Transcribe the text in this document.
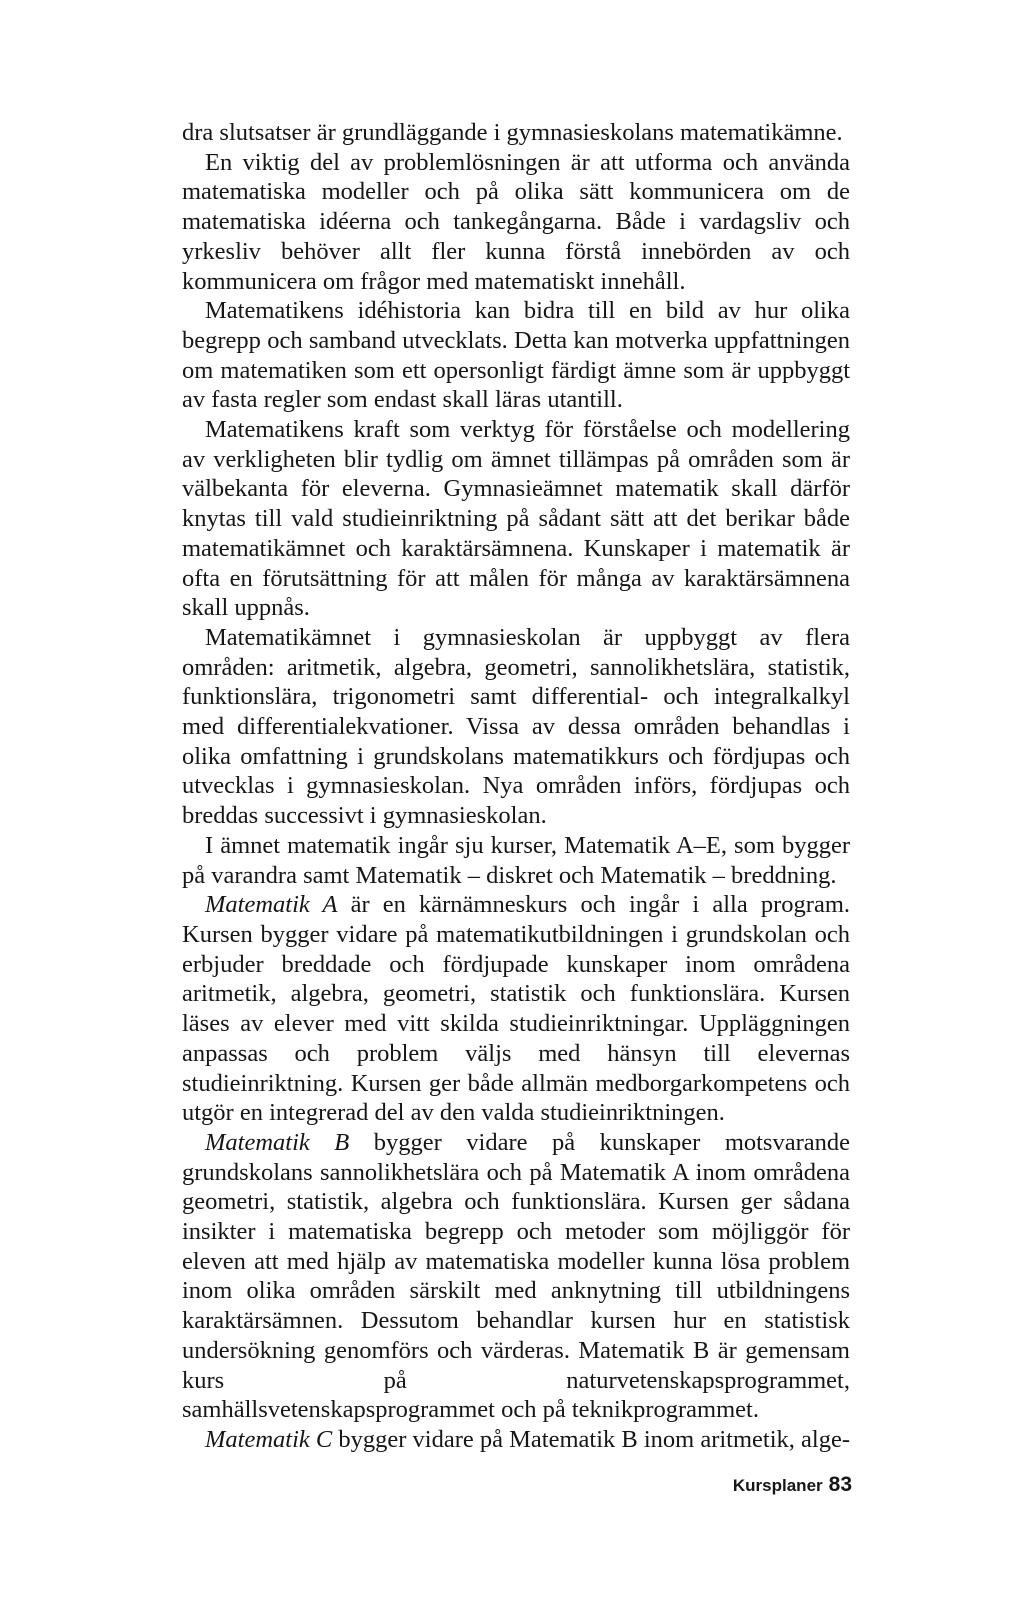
dra slutsatser är grundläggande i gymnasieskolans matematikämne.

En viktig del av problemlösningen är att utforma och använda matematiska modeller och på olika sätt kommunicera om de matematiska idéerna och tankegångarna. Både i vardagsliv och yrkesliv behöver allt fler kunna förstå innebörden av och kommunicera om frågor med matematiskt innehåll.

Matematikens idéhistoria kan bidra till en bild av hur olika begrepp och samband utvecklats. Detta kan motverka uppfattningen om matematiken som ett opersonligt färdigt ämne som är uppbyggt av fasta regler som endast skall läras utantill.

Matematikens kraft som verktyg för förståelse och modellering av verkligheten blir tydlig om ämnet tillämpas på områden som är välbekanta för eleverna. Gymnasieämnet matematik skall därför knytas till vald studieinriktning på sådant sätt att det berikar både matematikämnet och karaktärsämnena. Kunskaper i matematik är ofta en förutsättning för att målen för många av karaktärsämnena skall uppnås.

Matematikämnet i gymnasieskolan är uppbyggt av flera områden: aritmetik, algebra, geometri, sannolikhetslära, statistik, funktionslära, trigonometri samt differential- och integralkalkyl med differentialekvationer. Vissa av dessa områden behandlas i olika omfattning i grundskolans matematikkurs och fördjupas och utvecklas i gymnasieskolan. Nya områden införs, fördjupas och breddas successivt i gymnasieskolan.

I ämnet matematik ingår sju kurser, Matematik A–E, som bygger på varandra samt Matematik – diskret och Matematik – breddning.

Matematik A är en kärnämneskurs och ingår i alla program. Kursen bygger vidare på matematikutbildningen i grundskolan och erbjuder breddade och fördjupade kunskaper inom områdena aritmetik, algebra, geometri, statistik och funktionslära. Kursen läses av elever med vitt skilda studieinriktningar. Uppläggningen anpassas och problem väljs med hänsyn till elevernas studieinriktning. Kursen ger både allmän medborgarkompetens och utgör en integrerad del av den valda studieinriktningen.

Matematik B bygger vidare på kunskaper motsvarande grundskolans sannolikhetslära och på Matematik A inom områdena geometri, statistik, algebra och funktionslära. Kursen ger sådana insikter i matematiska begrepp och metoder som möjliggör för eleven att med hjälp av matematiska modeller kunna lösa problem inom olika områden särskilt med anknytning till utbildningens karaktärsämnen. Dessutom behandlar kursen hur en statistisk undersökning genomförs och värderas. Matematik B är gemensam kurs på naturvetenskapsprogrammet, samhällsvetenskapsprogrammet och på teknikprogrammet.

Matematik C bygger vidare på Matematik B inom aritmetik, alge-

Kursplaner 83
